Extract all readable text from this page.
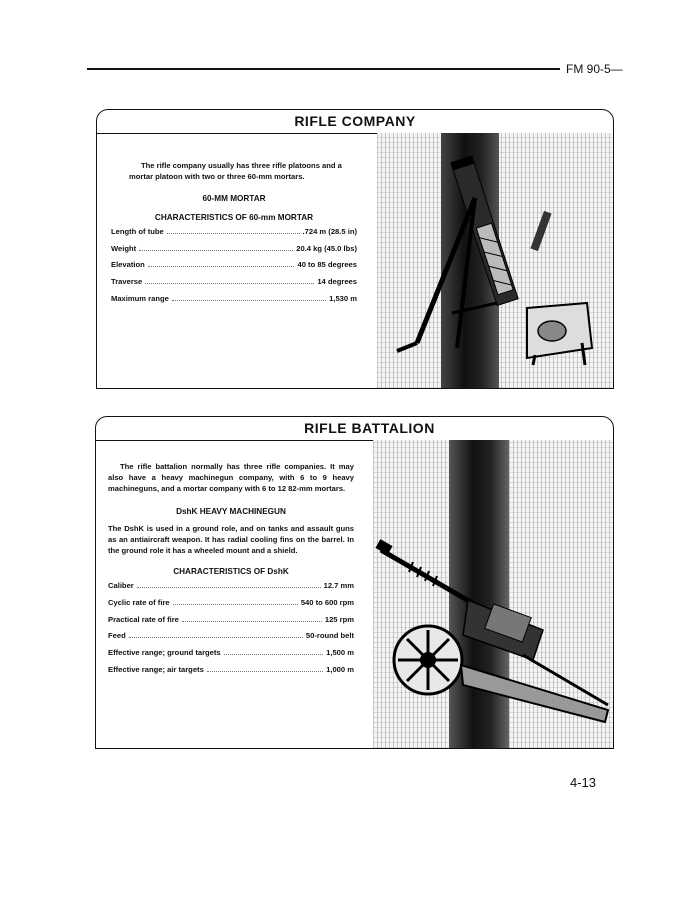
FM 90-5—
RIFLE COMPANY

The rifle company usually has three rifle platoons and a mortar platoon with two or three 60-mm mortars.

60-MM MORTAR
CHARACTERISTICS OF 60-mm MORTAR
Length of tube	.724 m (28.5 in)
Weight	20.4 kg (45.0 lbs)
Elevation	40 to 85 degrees
Traverse	14 degrees
Maximum range	1,530 m
RIFLE BATTALION

The rifle battalion normally has three rifle companies. It may also have a heavy machinegun company, with 6 to 9 heavy machineguns, and a mortar company with 6 to 12 82-mm mortars.

DshK HEAVY MACHINEGUN

The DshK is used in a ground role, and on tanks and assault guns as an antiaircraft weapon. It has radial cooling fins on the barrel. In the ground role it has a wheeled mount and a shield.

CHARACTERISTICS OF DshK
Caliber	12.7 mm
Cyclic rate of fire	540 to 600 rpm
Practical rate of fire	125 rpm
Feed	50-round belt
Effective range; ground targets	1,500 m
Effective range; air targets	1,000 m
4-13
